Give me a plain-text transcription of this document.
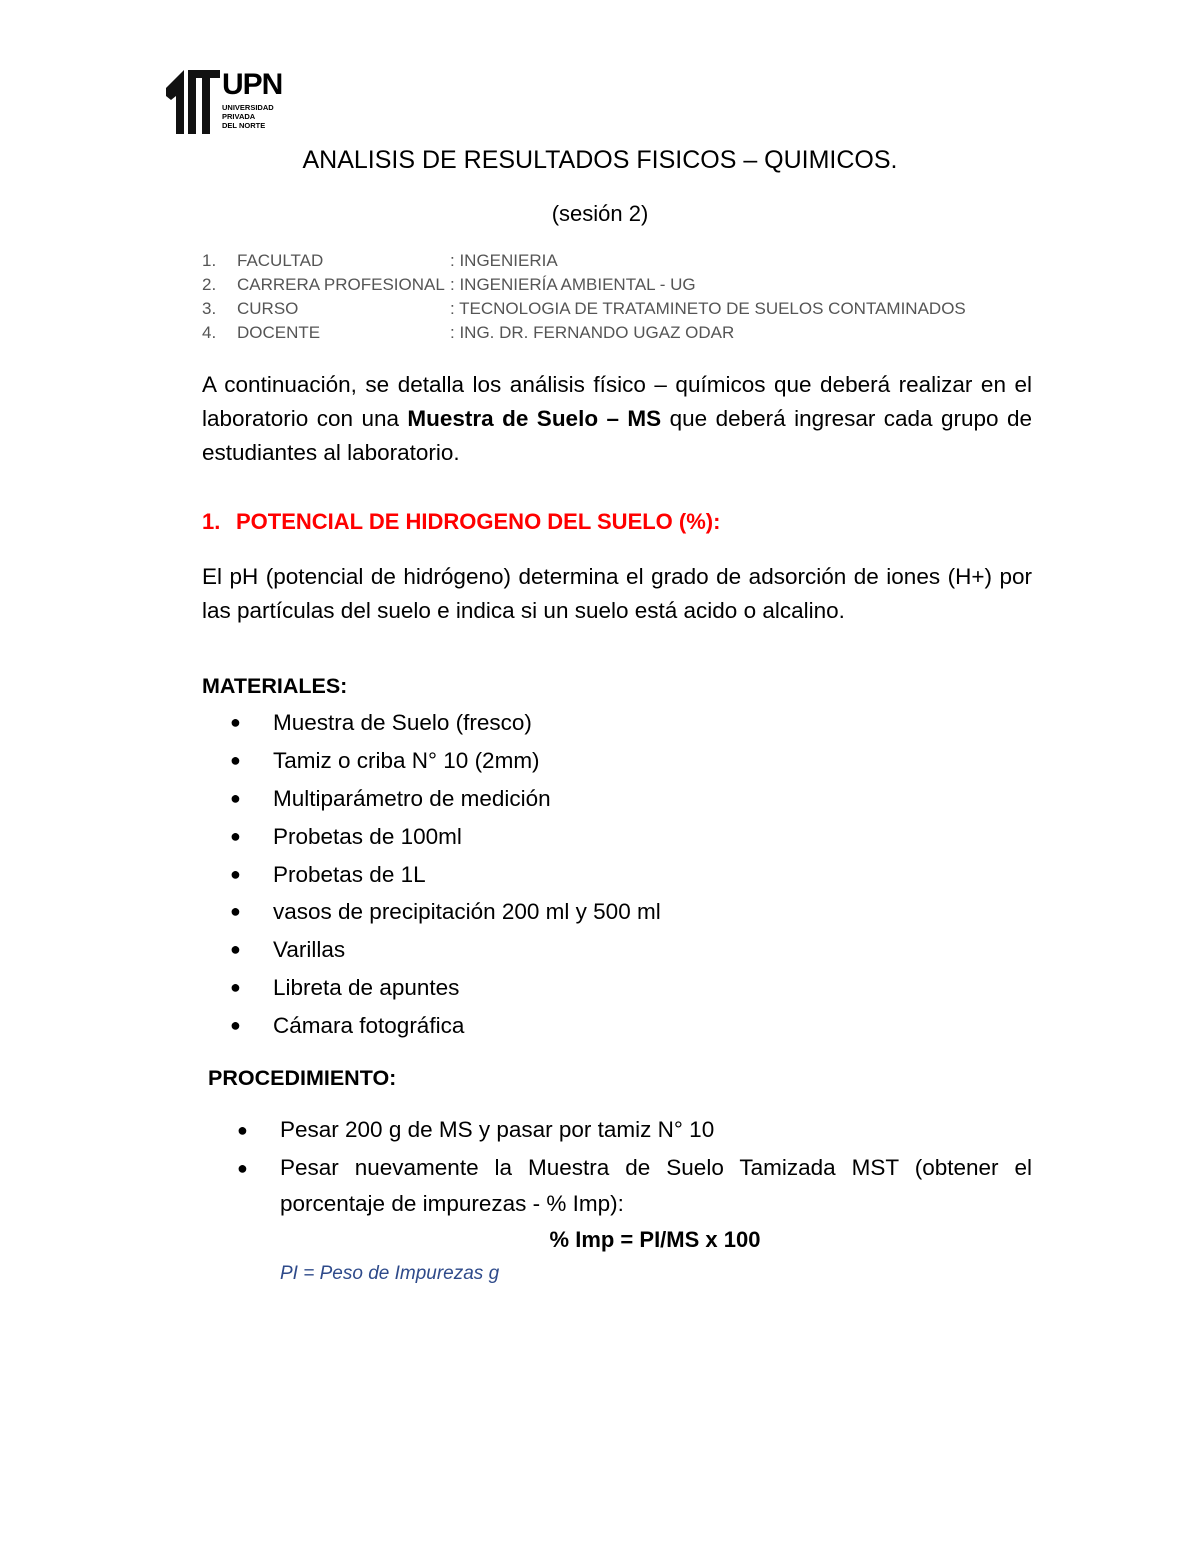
UPN
UNIVERSIDAD
PRIVADA
DEL NORTE
ANALISIS DE RESULTADOS FISICOS – QUIMICOS.
(sesión 2)
1.	FACULTAD	: INGENIERIA
2.	CARRERA PROFESIONAL : INGENIERÍA AMBIENTAL - UG
3.	CURSO	: TECNOLOGIA DE TRATAMINETO DE SUELOS CONTAMINADOS
4.	DOCENTE	: ING. DR. FERNANDO UGAZ ODAR
A continuación, se detalla los análisis físico – químicos que deberá realizar en el laboratorio con una Muestra de Suelo – MS que deberá ingresar cada grupo de estudiantes al laboratorio.
1. POTENCIAL DE HIDROGENO DEL SUELO (%):
El pH (potencial de hidrógeno) determina el grado de adsorción de iones (H+) por las partículas del suelo e indica si un suelo está acido o alcalino.
MATERIALES:
●	Muestra de Suelo (fresco)
●	Tamiz o criba N° 10 (2mm)
●	Multiparámetro de medición
●	Probetas de 100ml
●	Probetas de 1L
●	vasos de precipitación 200 ml y 500 ml
●	Varillas
●	Libreta de apuntes
●	Cámara fotográfica
PROCEDIMIENTO:
●	Pesar 200 g de MS y pasar por tamiz N° 10
●	Pesar nuevamente la Muestra de Suelo Tamizada MST (obtener el porcentaje de impurezas - % Imp):
% Imp = PI/MS x 100
PI = Peso de Impurezas g
